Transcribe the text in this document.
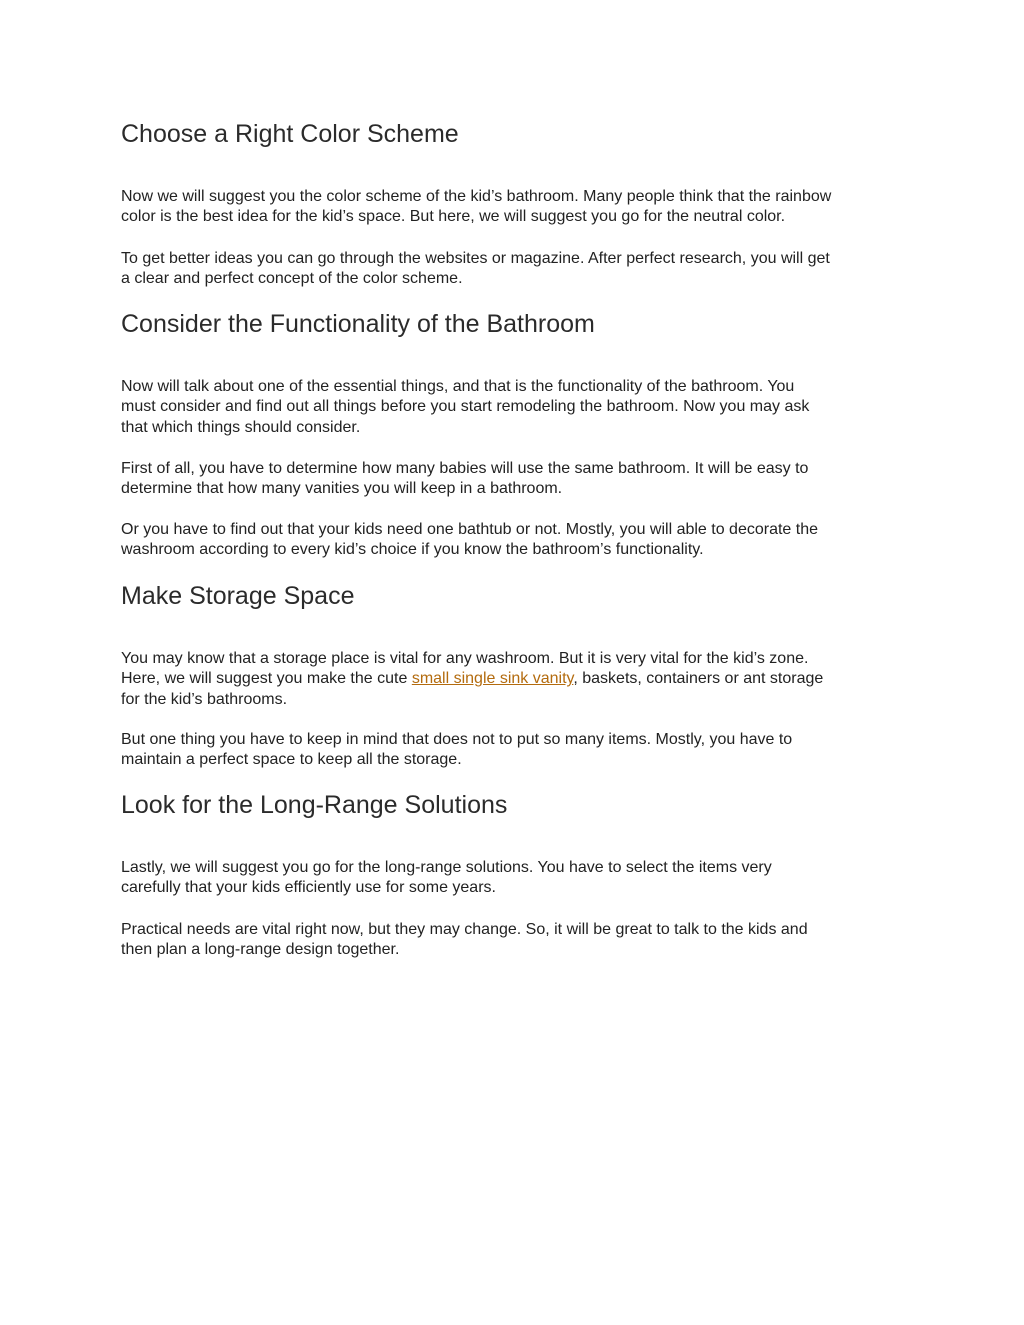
Choose a Right Color Scheme

Now we will suggest you the color scheme of the kid’s bathroom. Many people think that the rainbow
color is the best idea for the kid’s space. But here, we will suggest you go for the neutral color.

To get better ideas you can go through the websites or magazine. After perfect research, you will get
a clear and perfect concept of the color scheme.

Consider the Functionality of the Bathroom

Now will talk about one of the essential things, and that is the functionality of the bathroom. You
must consider and find out all things before you start remodeling the bathroom. Now you may ask
that which things should consider.

First of all, you have to determine how many babies will use the same bathroom. It will be easy to
determine that how many vanities you will keep in a bathroom.

Or you have to find out that your kids need one bathtub or not. Mostly, you will able to decorate the
washroom according to every kid’s choice if you know the bathroom’s functionality.

Make Storage Space

You may know that a storage place is vital for any washroom. But it is very vital for the kid’s zone.
Here, we will suggest you make the cute small single sink vanity, baskets, containers or ant storage
for the kid’s bathrooms.

But one thing you have to keep in mind that does not to put so many items. Mostly, you have to
maintain a perfect space to keep all the storage.

Look for the Long-Range Solutions

Lastly, we will suggest you go for the long-range solutions. You have to select the items very
carefully that your kids efficiently use for some years.

Practical needs are vital right now, but they may change. So, it will be great to talk to the kids and
then plan a long-range design together.
